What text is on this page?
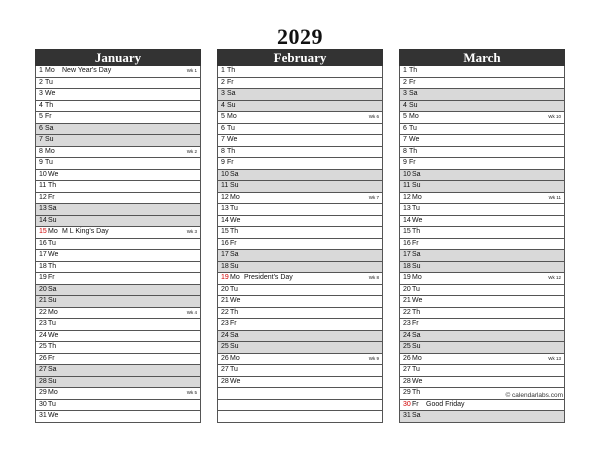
2029
January
1 Mo New Year's Day	Wk 1
2 Tu
3 We
4 Th
5 Fr
6 Sa
7 Su
8 Mo	Wk 2
9 Tu
10 We
11 Th
12 Fr
13 Sa
14 Su
15 Mo M L King's Day	Wk 3
16 Tu
17 We
18 Th
19 Fr
20 Sa
21 Su
22 Mo	Wk 4
23 Tu
24 We
25 Th
26 Fr
27 Sa
28 Su
29 Mo	Wk 5
30 Tu
31 We
February
1 Th
2 Fr
3 Sa
4 Su
5 Mo	Wk 6
6 Tu
7 We
8 Th
9 Fr
10 Sa
11 Su
12 Mo	Wk 7
13 Tu
14 We
15 Th
16 Fr
17 Sa
18 Su
19 Mo President's Day	Wk 8
20 Tu
21 We
22 Th
23 Fr
24 Sa
25 Su
26 Mo	Wk 9
27 Tu
28 We
March
1 Th
2 Fr
3 Sa
4 Su
5 Mo	Wk 10
6 Tu
7 We
8 Th
9 Fr
10 Sa
11 Su
12 Mo	Wk 11
13 Tu
14 We
15 Th
16 Fr
17 Sa
18 Su
19 Mo	Wk 12
20 Tu
21 We
22 Th
23 Fr
24 Sa
25 Su
26 Mo	Wk 13
27 Tu
28 We
29 Th
30 Fr Good Friday
31 Sa
© calendarlabs.com
